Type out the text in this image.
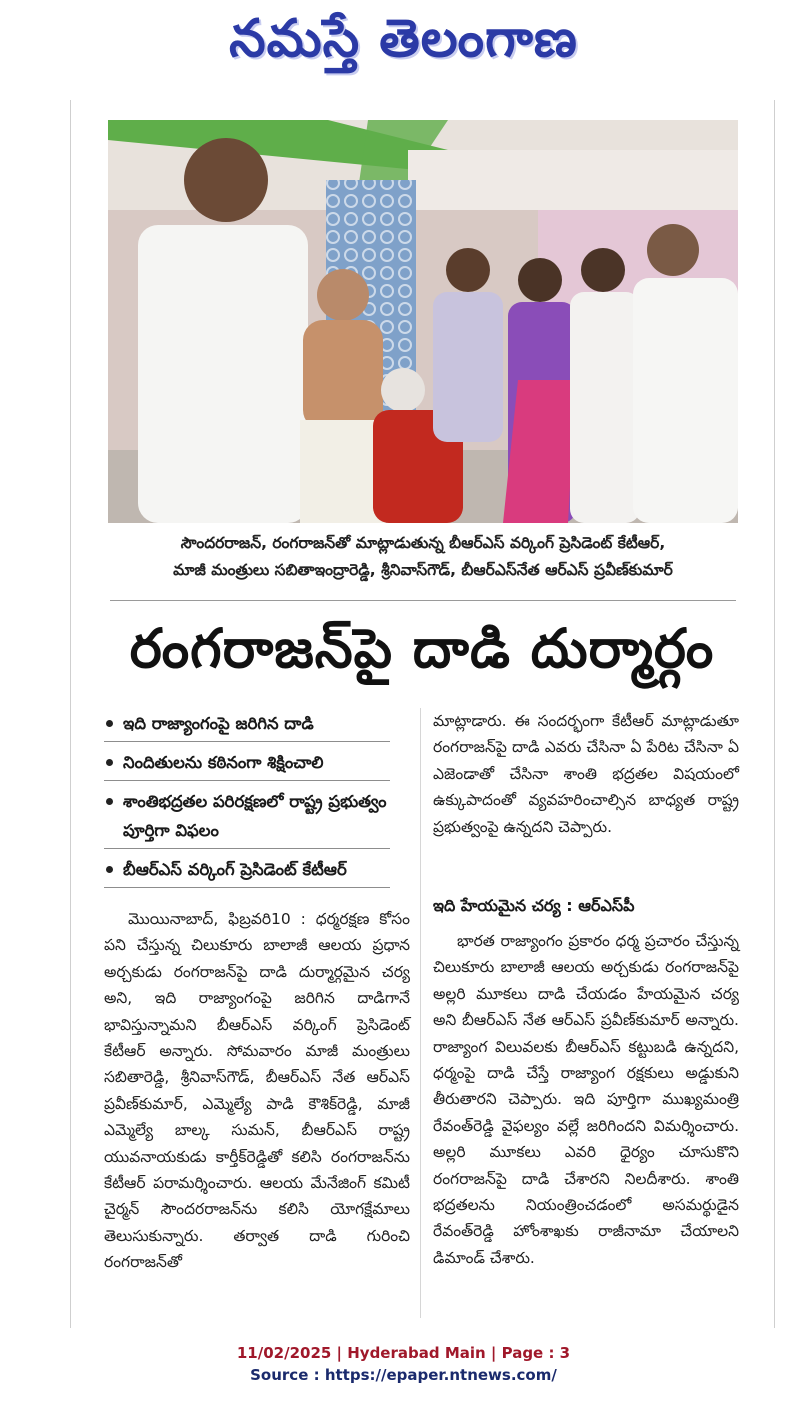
నమస్తే తెలంగాణ
సౌందరరాజన్, రంగరాజన్‌తో మాట్లాడుతున్న బీఆర్‌ఎస్ వర్కింగ్ ప్రెసిడెంట్ కేటీఆర్,
మాజీ మంత్రులు సబితాఇంద్రారెడ్డి, శ్రీనివాస్‌గౌడ్, బీఆర్‌ఎస్‌నేత ఆర్‌ఎస్ ప్రవీణ్‌కుమార్
రంగరాజన్‌పై దాడి దుర్మార్గం
ఇది రాజ్యాంగంపై జరిగిన దాడి
నిందితులను కఠినంగా శిక్షించాలి
శాంతిభద్రతల పరిరక్షణలో రాష్ట్ర ప్రభుత్వం పూర్తిగా విఫలం
బీఆర్‌ఎస్ వర్కింగ్ ప్రెసిడెంట్ కేటీఆర్

మొయినాబాద్, ఫిబ్రవరి10 : ధర్మరక్షణ కోసం పని చేస్తున్న చిలుకూరు బాలాజీ ఆలయ ప్రధాన అర్చకుడు రంగరాజన్‌పై దాడి దుర్మార్గమైన చర్య అని, ఇది రాజ్యాంగంపై జరిగిన దాడిగానే భావిస్తున్నామని బీఆర్‌ఎస్ వర్కింగ్ ప్రెసిడెంట్ కేటీఆర్ అన్నారు. సోమవారం మాజీ మంత్రులు సబితారెడ్డి, శ్రీనివాస్‌గౌడ్, బీఆర్‌ఎస్ నేత ఆర్‌ఎస్ ప్రవీణ్‌కుమార్, ఎమ్మెల్యే పాడి కౌశిక్‌రెడ్డి, మాజీ ఎమ్మెల్యే బాల్క సుమన్, బీఆర్‌ఎస్ రాష్ట్ర యువనాయకుడు కార్తీక్‌రెడ్డితో కలిసి రంగరాజన్‌ను కేటీఆర్ పరామర్శించారు. ఆలయ మేనేజింగ్ కమిటీ చైర్మన్ సౌందరరాజన్‌ను కలిసి యోగక్షేమాలు తెలుసుకున్నారు. తర్వాత దాడి గురించి రంగరాజన్‌తో

మాట్లాడారు. ఈ సందర్భంగా కేటీఆర్ మాట్లాడుతూ రంగరాజన్‌పై దాడి ఎవరు చేసినా ఏ పేరిట చేసినా ఏ ఎజెండాతో చేసినా శాంతి భద్రతల విషయంలో ఉక్కుపాదంతో వ్యవహరించాల్సిన బాధ్యత రాష్ట్ర ప్రభుత్వంపై ఉన్నదని చెప్పారు.

ఇది హేయమైన చర్య : ఆర్‌ఎస్‌పీ

భారత రాజ్యాంగం ప్రకారం ధర్మ ప్రచారం చేస్తున్న చిలుకూరు బాలాజీ ఆలయ అర్చకుడు రంగరాజన్‌పై అల్లరి మూకలు దాడి చేయడం హేయమైన చర్య అని బీఆర్‌ఎస్ నేత ఆర్‌ఎస్ ప్రవీణ్‌కుమార్ అన్నారు. రాజ్యాంగ విలువలకు బీఆర్‌ఎస్ కట్టుబడి ఉన్నదని, ధర్మంపై దాడి చేస్తే రాజ్యాంగ రక్షకులు అడ్డుకుని తీరుతారని చెప్పారు. ఇది పూర్తిగా ముఖ్యమంత్రి రేవంత్‌రెడ్డి వైఫల్యం వల్లే జరిగిందని విమర్శించారు. అల్లరి మూకలు ఎవరి ధైర్యం చూసుకొని రంగరాజన్‌పై దాడి చేశారని నిలదీశారు. శాంతి భద్రతలను నియంత్రించడంలో అసమర్థుడైన రేవంత్‌రెడ్డి హోంశాఖకు రాజీనామా చేయాలని డిమాండ్ చేశారు.

11/02/2025 | Hyderabad Main | Page : 3
Source : https://epaper.ntnews.com/
